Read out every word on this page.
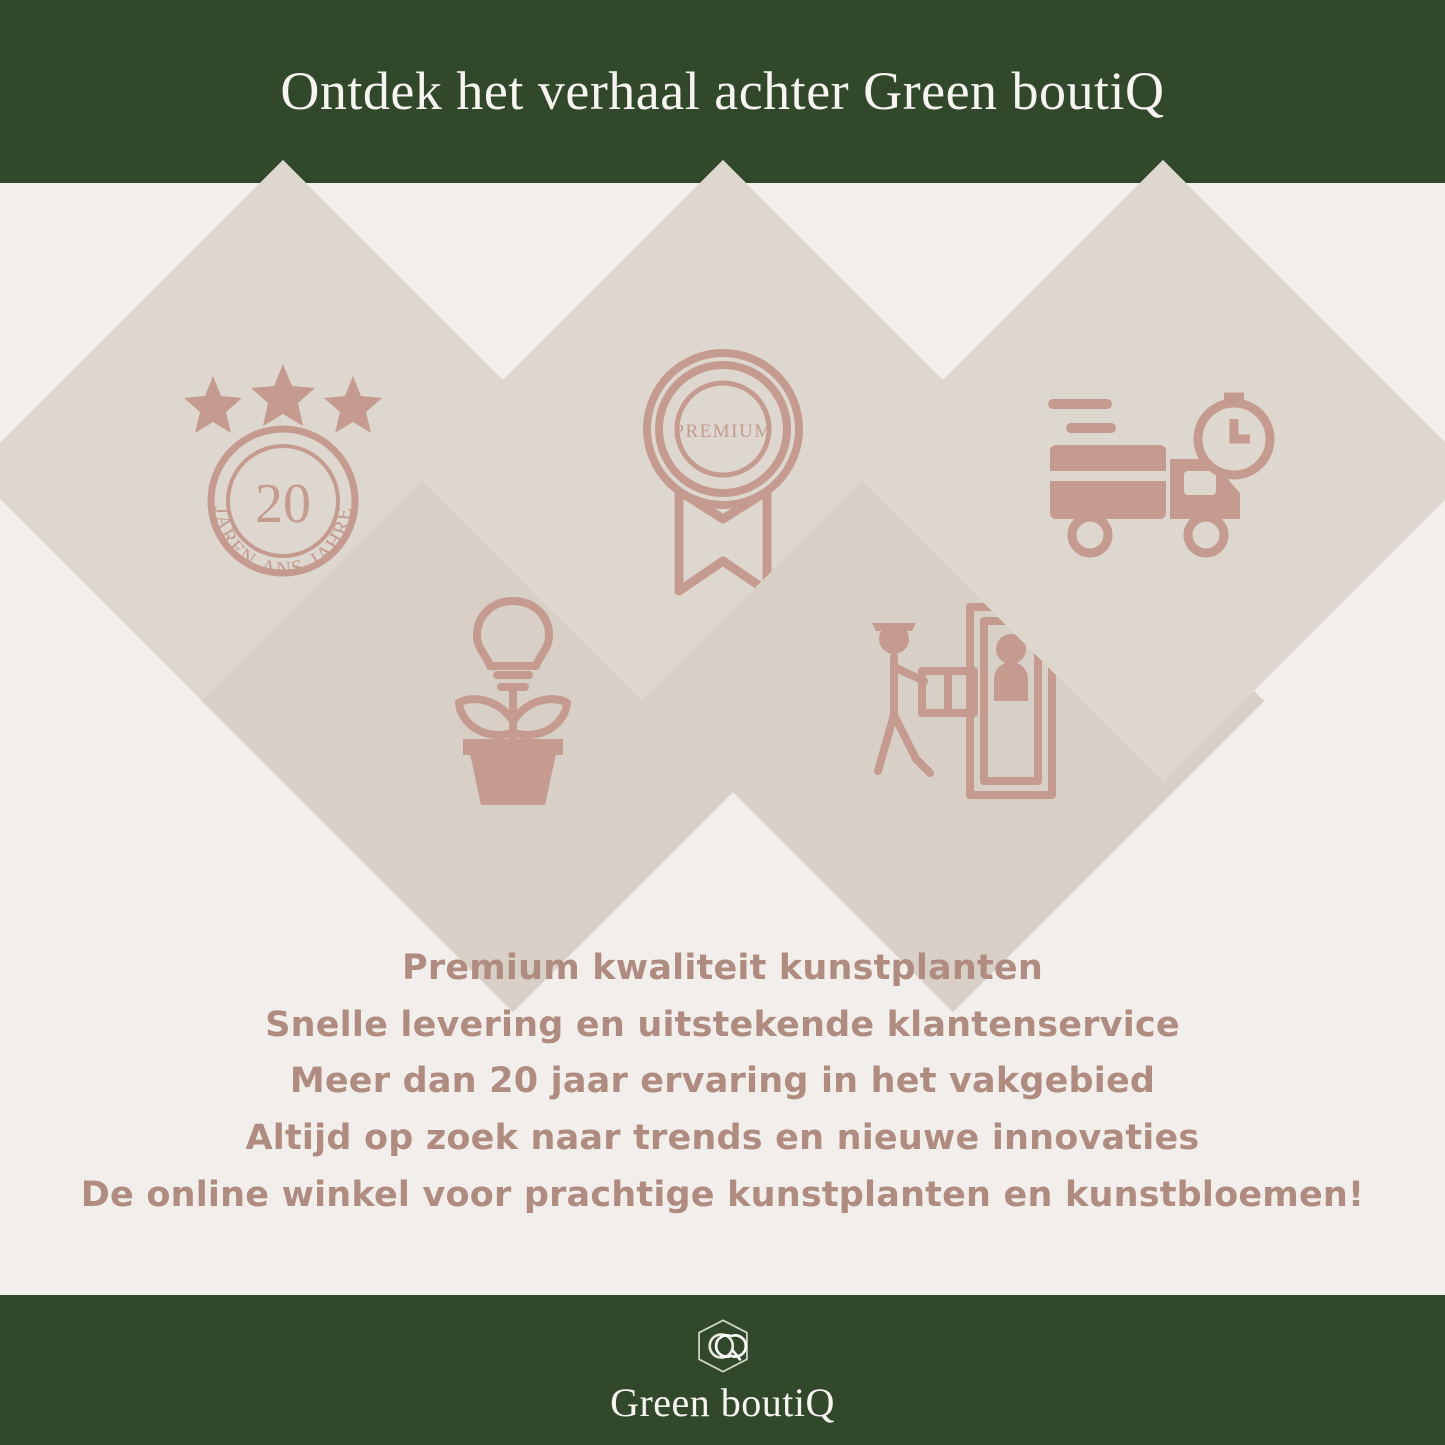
Ontdek het verhaal achter Green boutiQ
20
JAREN-ANS-JAHRE
PREMIUM
Premium kwaliteit kunstplanten
Snelle levering en uitstekende klantenservice
Meer dan 20 jaar ervaring in het vakgebied
Altijd op zoek naar trends en nieuwe innovaties
De online winkel voor prachtige kunstplanten en kunstbloemen!
Green boutiQ
